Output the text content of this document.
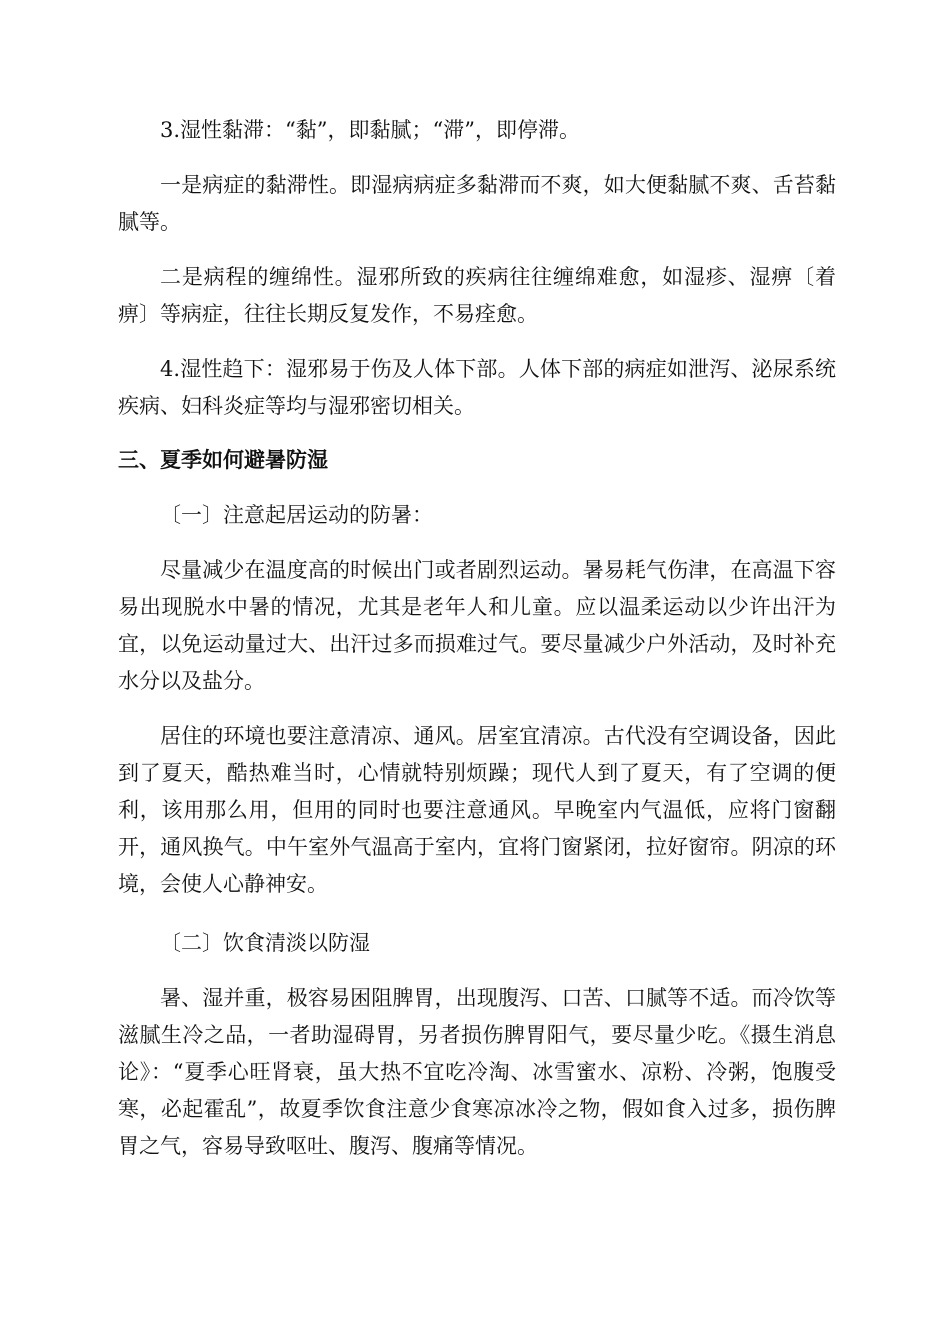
3.湿性黏滞：“黏”，即黏腻；“滞”，即停滞。

一是病症的黏滞性。即湿病病症多黏滞而不爽，如大便黏腻不爽、舌苔黏腻等。

二是病程的缠绵性。湿邪所致的疾病往往缠绵难愈，如湿疹、湿痹〔着痹〕等病症，往往长期反复发作，不易痊愈。

4.湿性趋下：湿邪易于伤及人体下部。人体下部的病症如泄泻、泌尿系统疾病、妇科炎症等均与湿邪密切相关。

三、夏季如何避暑防湿

〔一〕注意起居运动的防暑：

尽量减少在温度高的时候出门或者剧烈运动。暑易耗气伤津，在高温下容易出现脱水中暑的情况，尤其是老年人和儿童。应以温柔运动以少许出汗为宜，以免运动量过大、出汗过多而损难过气。要尽量减少户外活动，及时补充水分以及盐分。

居住的环境也要注意清凉、通风。居室宜清凉。古代没有空调设备，因此到了夏天，酷热难当时，心情就特别烦躁；现代人到了夏天，有了空调的便利，该用那么用，但用的同时也要注意通风。早晚室内气温低，应将门窗翻开，通风换气。中午室外气温高于室内，宜将门窗紧闭，拉好窗帘。阴凉的环境，会使人心静神安。

〔二〕饮食清淡以防湿

暑、湿并重，极容易困阻脾胃，出现腹泻、口苦、口腻等不适。而冷饮等滋腻生冷之品，一者助湿碍胃，另者损伤脾胃阳气，要尽量少吃。《摄生消息论》：“夏季心旺肾衰，虽大热不宜吃冷淘、冰雪蜜水、凉粉、冷粥，饱腹受寒，必起霍乱”，故夏季饮食注意少食寒凉冰冷之物，假如食入过多，损伤脾胃之气，容易导致呕吐、腹泻、腹痛等情况。
